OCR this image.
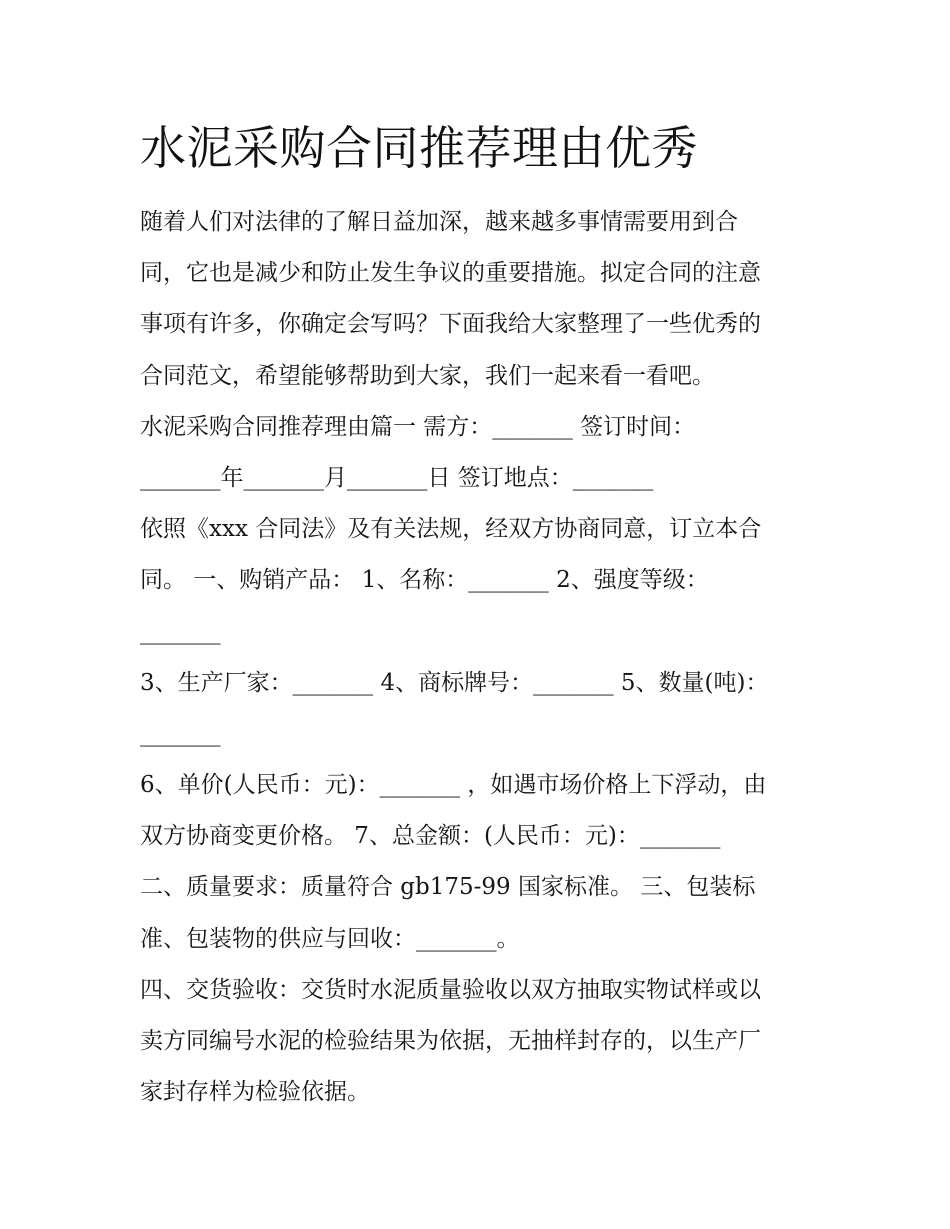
水泥采购合同推荐理由优秀
随着人们对法律的了解日益加深，越来越多事情需要用到合
同，它也是减少和防止发生争议的重要措施。拟定合同的注意
事项有许多，你确定会写吗？下面我给大家整理了一些优秀的
合同范文，希望能够帮助到大家，我们一起来看一看吧。
水泥采购合同推荐理由篇一 需方：_______ 签订时间：
_______年_______月_______日 签订地点：_______
依照《xxx 合同法》及有关法规，经双方协商同意，订立本合
同。 一、购销产品： 1、名称：_______ 2、强度等级：
_______
3、生产厂家：_______ 4、商标牌号：_______ 5、数量(吨)：
_______
6、单价(人民币：元)：_______ ，如遇市场价格上下浮动，由
双方协商变更价格。 7、总金额：(人民币：元)：_______
二、质量要求：质量符合 gb175-99 国家标准。 三、包装标
准、包装物的供应与回收：_______。
四、交货验收：交货时水泥质量验收以双方抽取实物试样或以
卖方同编号水泥的检验结果为依据，无抽样封存的，以生产厂
家封存样为检验依据。
